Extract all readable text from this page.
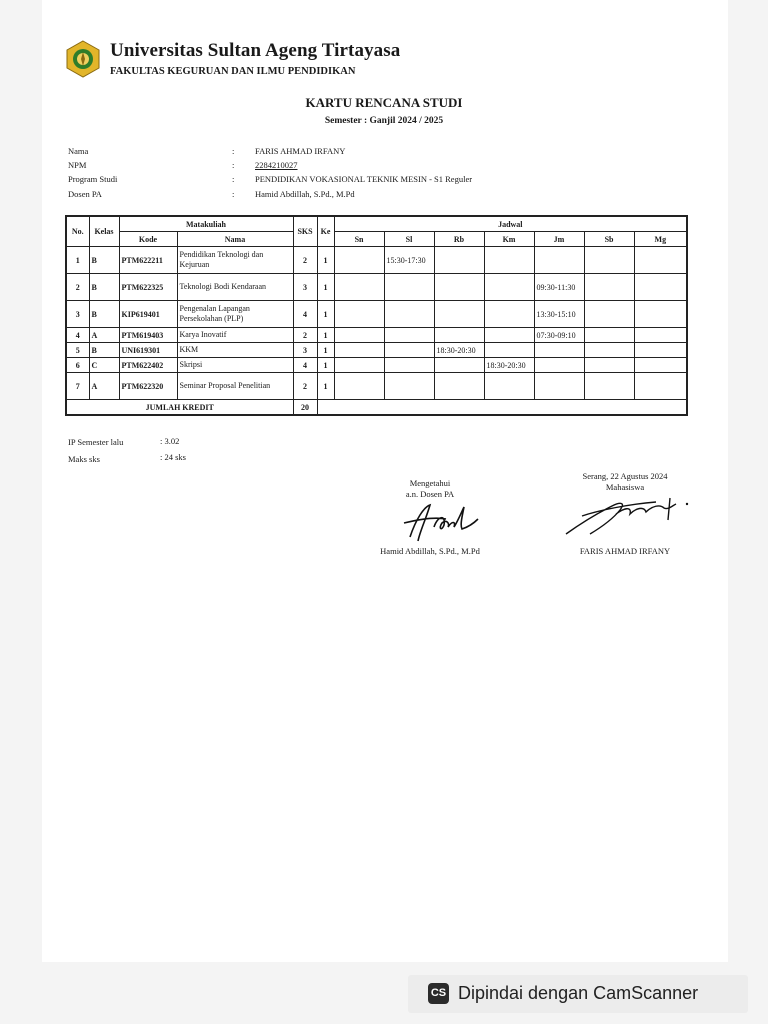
Universitas Sultan Ageng Tirtayasa
FAKULTAS KEGURUAN DAN ILMU PENDIDIKAN
KARTU RENCANA STUDI
Semester : Ganjil 2024 / 2025
Nama	: FARIS AHMAD IRFANY
NPM	: 2284210027
Program Studi	: PENDIDIKAN VOKASIONAL TEKNIK MESIN - S1 Reguler
Dosen PA	: Hamid Abdillah, S.Pd., M.Pd
No.	Kelas	Matakuliah		SKS	Ke	Jadwal						
		Kode	Nama			Sn	Sl	Rb	Km	Jm	Sb	Mg
1	B	PTM622211	Pendidikan Teknologi dan Kejuruan	2	1		15:30-17:30					
2	B	PTM622325	Teknologi Bodi Kendaraan	3	1					09:30-11:30		
3	B	KIP619401	Pengenalan Lapangan Persekolahan (PLP)	4	1					13:30-15:10		
4	A	PTM619403	Karya Inovatif	2	1					07:30-09:10		
5	B	UNI619301	KKM	3	1			18:30-20:30				
6	C	PTM622402	Skripsi	4	1				18:30-20:30			
7	A	PTM622320	Seminar Proposal Penelitian	2	1							
JUMLAH KREDIT				20								
IP Semester lalu	: 3.02
Maks sks	: 24 sks
Mengetahui
a.n. Dosen PA
Hamid Abdillah, S.Pd., M.Pd
Serang, 22 Agustus 2024
Mahasiswa
FARIS AHMAD IRFANY
CS Dipindai dengan CamScanner
